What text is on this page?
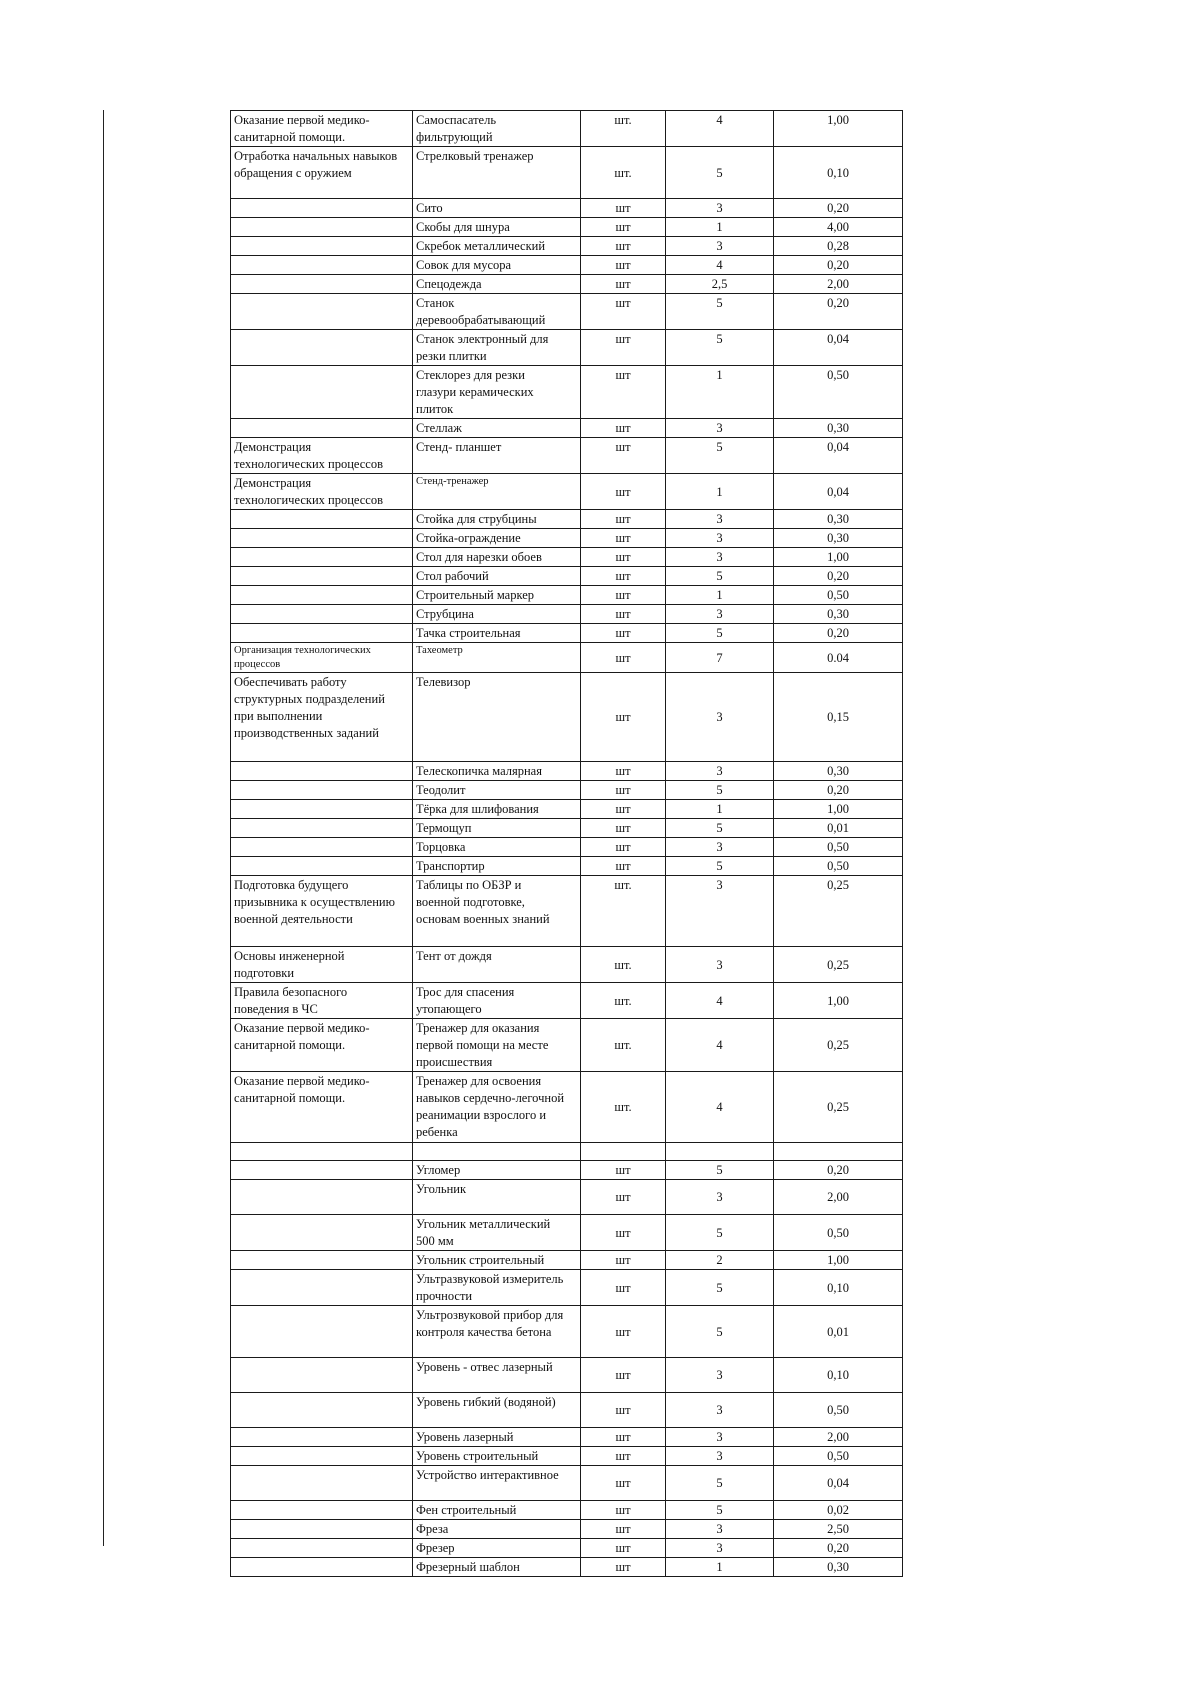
Оказание первой медико-
санитарной помощи.	Самоспасатель
фильтрующий	шт.	4	1,00
Отработка начальных навыков
обращения с оружием	Стрелковый тренажер	шт.	5	0,10
	Сито	шт	3	0,20
	Скобы для шнура	шт	1	4,00
	Скребок металлический	шт	3	0,28
	Совок для мусора	шт	4	0,20
	Спецодежда	шт	2,5	2,00
	Станок
деревообрабатывающий	шт	5	0,20
	Станок электронный для
резки плитки	шт	5	0,04
	Стеклорез для резки
глазури керамических
плиток	шт	1	0,50
	Стеллаж	шт	3	0,30
Демонстрация
технологических процессов	Стенд- планшет	шт	5	0,04
Демонстрация
технологических процессов	Стенд-тренажер	шт	1	0,04
	Стойка для струбцины	шт	3	0,30
	Стойка-ограждение	шт	3	0,30
	Стол для нарезки обоев	шт	3	1,00
	Стол рабочий	шт	5	0,20
	Строительный маркер	шт	1	0,50
	Струбцина	шт	3	0,30
	Тачка строительная	шт	5	0,20
Организация технологических
процессов	Тахеометр	шт	7	0.04
Обеспечивать работу
структурных подразделений
при выполнении
производственных заданий	Телевизор	шт	3	0,15
	Телескопичка малярная	шт	3	0,30
	Теодолит	шт	5	0,20
	Тёрка для шлифования	шт	1	1,00
	Термощуп	шт	5	0,01
	Торцовка	шт	3	0,50
	Транспортир	шт	5	0,50
Подготовка будущего
призывника к осуществлению
военной деятельности	Таблицы по ОБЗР и
военной подготовке,
основам военных знаний	шт.	3	0,25
Основы инженерной
подготовки	Тент от дождя	шт.	3	0,25
Правила безопасного
поведения в ЧС	Трос для спасения
утопающего	шт.	4	1,00
Оказание первой медико-
санитарной помощи.	Тренажер для оказания
первой помощи на месте
происшествия	шт.	4	0,25
Оказание первой медико-
санитарной помощи.	Тренажер для освоения
навыков сердечно-легочной
реанимации взрослого и
ребенка	шт.	4	0,25

	Угломер	шт	5	0,20
	Угольник	шт	3	2,00
	Угольник металлический
500 мм	шт	5	0,50
	Угольник строительный	шт	2	1,00
	Ультразвуковой измеритель
прочности	шт	5	0,10
	Ультрозвуковой прибор для
контроля качества бетона	шт	5	0,01
	Уровень - отвес лазерный	шт	3	0,10
	Уровень гибкий (водяной)	шт	3	0,50
	Уровень лазерный	шт	3	2,00
	Уровень строительный	шт	3	0,50
	Устройство интерактивное	шт	5	0,04
	Фен строительный	шт	5	0,02
	Фреза	шт	3	2,50
	Фрезер	шт	3	0,20
	Фрезерный шаблон	шт	1	0,30
